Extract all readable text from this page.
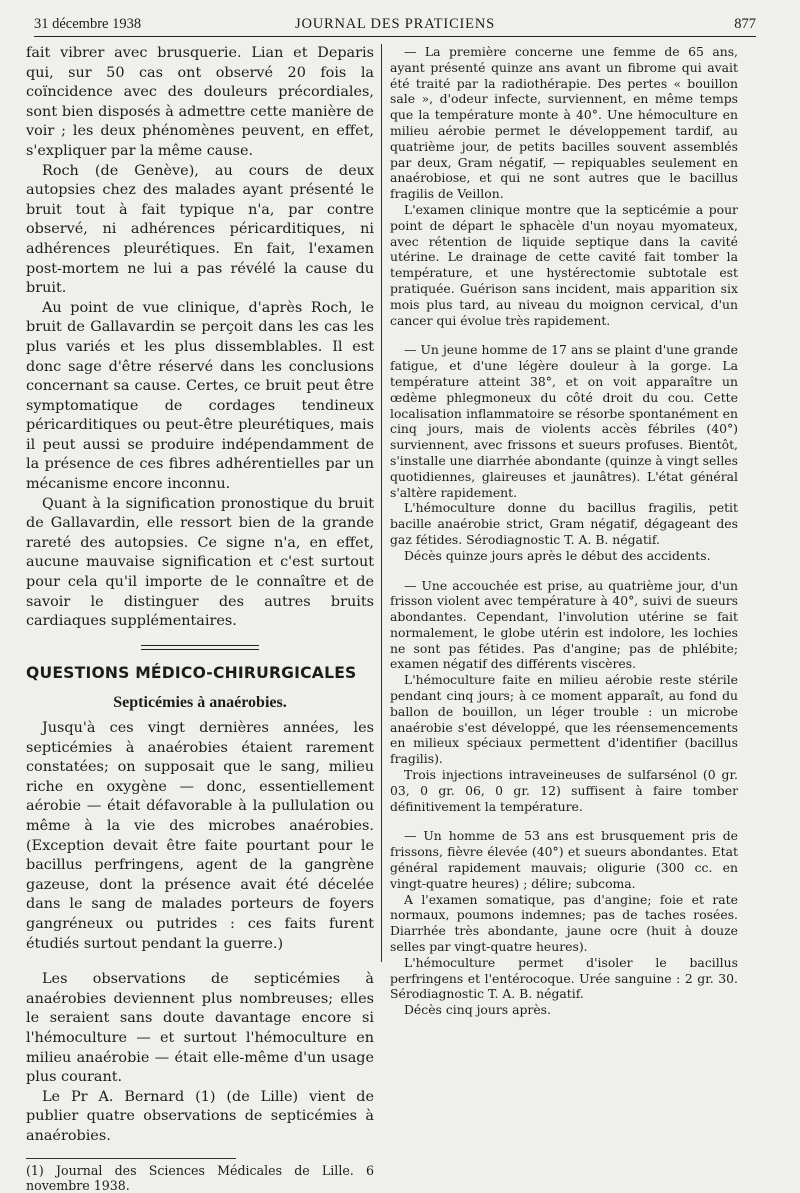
31 décembre 1938	JOURNAL DES PRATICIENS	877

fait vibrer avec brusquerie. Lian et Deparis qui, sur 50 cas ont observé 20 fois la coïncidence avec des douleurs précordiales, sont bien disposés à admettre cette manière de voir ; les deux phénomènes peuvent, en effet, s'expliquer par la même cause.

Roch (de Genève), au cours de deux autopsies chez des malades ayant présenté le bruit tout à fait typique n'a, par contre observé, ni adhérences péricarditiques, ni adhérences pleurétiques. En fait, l'examen post-mortem ne lui a pas révélé la cause du bruit.

Au point de vue clinique, d'après Roch, le bruit de Gallavardin se perçoit dans les cas les plus variés et les plus dissemblables. Il est donc sage d'être réservé dans les conclusions concernant sa cause. Certes, ce bruit peut être symptomatique de cordages tendineux péricarditiques ou peut-être pleurétiques, mais il peut aussi se produire indépendamment de la présence de ces fibres adhérentielles par un mécanisme encore inconnu.

Quant à la signification pronostique du bruit de Gallavardin, elle ressort bien de la grande rareté des autopsies. Ce signe n'a, en effet, aucune mauvaise signification et c'est surtout pour cela qu'il importe de le connaître et de savoir le distinguer des autres bruits cardiaques supplémentaires.

QUESTIONS MÉDICO-CHIRURGICALES
Septicémies à anaérobies.

Jusqu'à ces vingt dernières années, les septicémies à anaérobies étaient rarement constatées; on supposait que le sang, milieu riche en oxygène — donc, essentiellement aérobie — était défavorable à la pullulation ou même à la vie des microbes anaérobies. (Exception devait être faite pourtant pour le bacillus perfringens, agent de la gangrène gazeuse, dont la présence avait été décelée dans le sang de malades porteurs de foyers gangréneux ou putrides : ces faits furent étudiés surtout pendant la guerre.)

Les observations de septicémies à anaérobies deviennent plus nombreuses; elles le seraient sans doute davantage encore si l'hémoculture — et surtout l'hémoculture en milieu anaérobie — était elle-même d'un usage plus courant.

Le Pr A. Bernard (1) (de Lille) vient de publier quatre observations de septicémies à anaérobies.

(1) Journal des Sciences Médicales de Lille. 6 novembre 1938.

— La première concerne une femme de 65 ans, ayant présenté quinze ans avant un fibrome qui avait été traité par la radiothérapie. Des pertes « bouillon sale », d'odeur infecte, surviennent, en même temps que la température monte à 40°. Une hémoculture en milieu aérobie permet le développement tardif, au quatrième jour, de petits bacilles souvent assemblés par deux, Gram négatif, — repiquables seulement en anaérobiose, et qui ne sont autres que le bacillus fragilis de Veillon.

L'examen clinique montre que la septicémie a pour point de départ le sphacèle d'un noyau myomateux, avec rétention de liquide septique dans la cavité utérine. Le drainage de cette cavité fait tomber la température, et une hystérectomie subtotale est pratiquée. Guérison sans incident, mais apparition six mois plus tard, au niveau du moignon cervical, d'un cancer qui évolue très rapidement.

— Un jeune homme de 17 ans se plaint d'une grande fatigue, et d'une légère douleur à la gorge. La température atteint 38°, et on voit apparaître un œdème phlegmoneux du côté droit du cou. Cette localisation inflammatoire se résorbe spontanément en cinq jours, mais de violents accès fébriles (40°) surviennent, avec frissons et sueurs profuses. Bientôt, s'installe une diarrhée abondante (quinze à vingt selles quotidiennes, glaireuses et jaunâtres). L'état général s'altère rapidement.

L'hémoculture donne du bacillus fragilis, petit bacille anaérobie strict, Gram négatif, dégageant des gaz fétides. Sérodiagnostic T. A. B. négatif.

Décès quinze jours après le début des accidents.

— Une accouchée est prise, au quatrième jour, d'un frisson violent avec température à 40°, suivi de sueurs abondantes. Cependant, l'involution utérine se fait normalement, le globe utérin est indolore, les lochies ne sont pas fétides. Pas d'angine; pas de phlébite; examen négatif des différents viscères.

L'hémoculture faite en milieu aérobie reste stérile pendant cinq jours; à ce moment apparaît, au fond du ballon de bouillon, un léger trouble : un microbe anaérobie s'est développé, que les réensemencements en milieux spéciaux permettent d'identifier (bacillus fragilis).

Trois injections intraveineuses de sulfarsénol (0 gr. 03, 0 gr. 06, 0 gr. 12) suffisent à faire tomber définitivement la température.

— Un homme de 53 ans est brusquement pris de frissons, fièvre élevée (40°) et sueurs abondantes. Etat général rapidement mauvais; oligurie (300 cc. en vingt-quatre heures) ; délire; subcoma.

A l'examen somatique, pas d'angine; foie et rate normaux, poumons indemnes; pas de taches rosées. Diarrhée très abondante, jaune ocre (huit à douze selles par vingt-quatre heures).

L'hémoculture permet d'isoler le bacillus perfringens et l'entérocoque. Urée sanguine : 2 gr. 30. Sérodiagnostic T. A. B. négatif.

Décès cinq jours après.
